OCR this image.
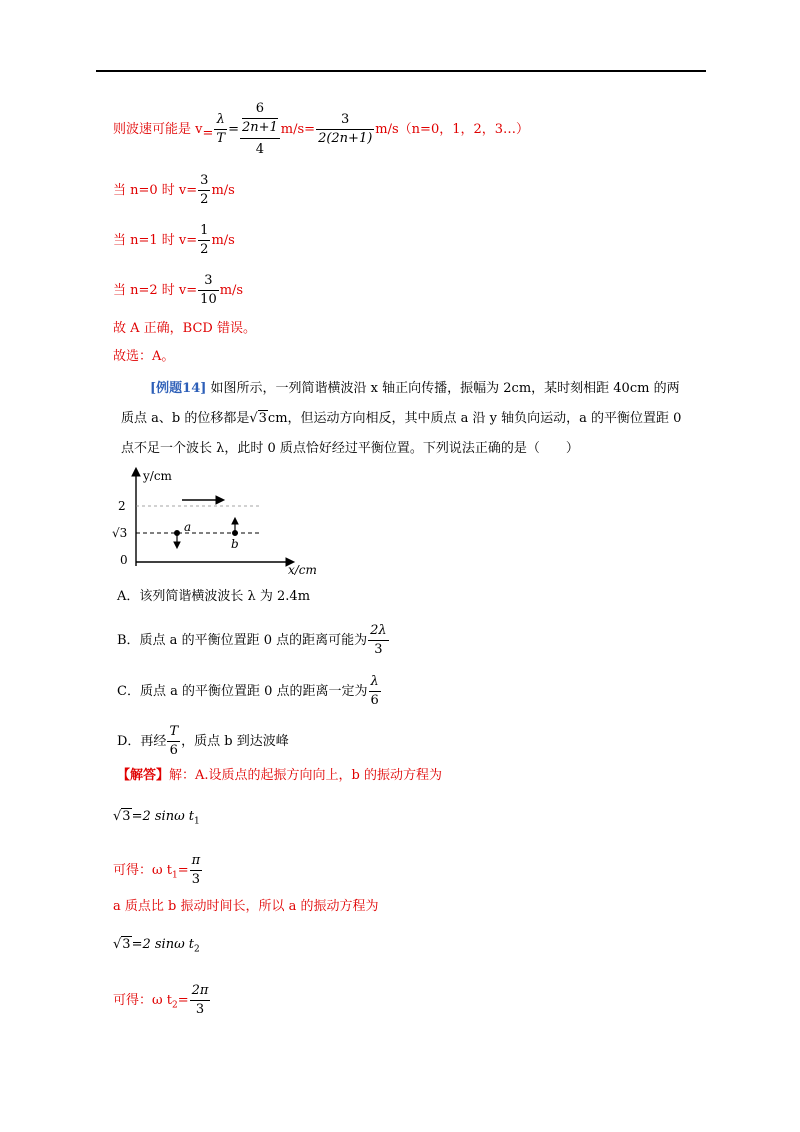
则波速可能是 $v= \frac{\lambda}{T} = 6$
2n+1
4 $m/s= \frac{3}{2(2n+1)} m/s(n=0$，1，2，3…）
当 n=0 时 $v= \frac{3}{2} m/s$
当 n=1 时 $v= \frac{1}{2} m/s$
当 n=2 时 $v= \frac{3}{10} m/s$
故 A 正确，BCD 错误。
故选：A。
[例题14] 如图所示，一列简谐横波沿 x 轴正向传播，振幅为 2cm，某时刻相距 40cm 的两
质点 a、b 的位移都是√3cm，但运动方向相反，其中质点 a 沿 y 轴负向运动，a 的平衡位置距 0
点不足一个波长 λ，此时 0 质点恰好经过平衡位置。下列说法正确的是（　　）
y/cm
x/cm
2
√3
0
a
b
A．该列简谐横波波长 λ 为 2.4m
B．质点 a 的平衡位置距 0 点的距离可能为 $\frac{2\lambda}{3}$
C．质点 a 的平衡位置距 0 点的距离一定为 $\frac{\lambda}{6}$
D．再经 $\frac{T}{6}$ ，质点 b 到达波峰
【解答】解：A.设质点的起振方向向上，b 的振动方程为
√3=2 sinω $t_1$
可得：ω $t_1= \frac{\pi}{3}$
a 质点比 b 振动时间长，所以 a 的振动方程为
√3=2 sinω $t_2$
可得：ω $t_2= \frac{2\pi}{3}$
